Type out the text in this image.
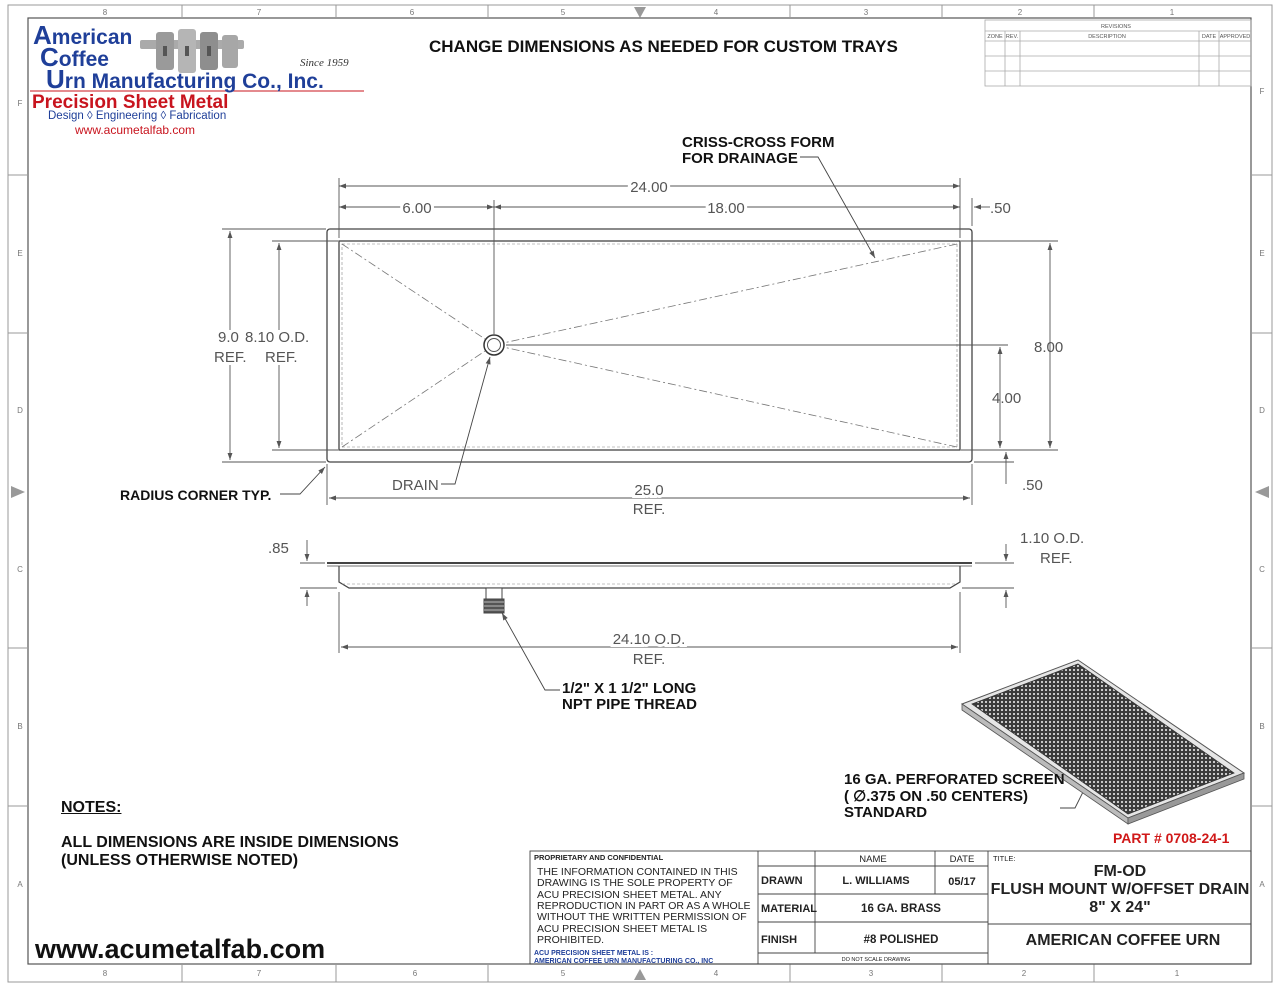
8	7	6	5	4	3	2	1
8	7	6	5	4	3	2	1
F
E
D
C
B
A
F
E
D
C
B
A
REVISIONS
ZONE REV.	DESCRIPTION	DATE APPROVED
24.00
6.00	18.00	.50
9.0
REF.
8.10 O.D.
REF.
8.00
4.00
.50
25.0
REF.
.85
1.10 O.D.
REF.
24.10 O.D.
REF.
DRAIN
CRISS-CROSS FORM
FOR DRAINAGE
RADIUS CORNER TYP.
1/2" X 1 1/2" LONG
NPT PIPE THREAD
16 GA. PERFORATED SCREEN
( ∅.375 ON .50 CENTERS)
STANDARD
PROPRIETARY AND CONFIDENTIAL
THE INFORMATION CONTAINED IN THIS
DRAWING IS THE SOLE PROPERTY OF
ACU PRECISION SHEET METAL. ANY
REPRODUCTION IN PART OR AS A WHOLE
WITHOUT THE WRITTEN PERMISSION OF
ACU PRECISION SHEET METAL IS
PROHIBITED.
ACU PRECISION SHEET METAL IS :
AMERICAN COFFEE URN MANUFACTURING CO., INC
NAME	DATE TITLE:
DRAWN	L. WILLIAMS	05/17
MATERIAL	16 GA. BRASS
FINISH	#8 POLISHED
DO NOT SCALE DRAWING
FM-OD
FLUSH MOUNT W/OFFSET DRAIN
8" X 24"
AMERICAN COFFEE URN
American
Coffee
Urn Manufacturing Co., Inc.
Since 1959
Precision Sheet Metal
Design ◊ Engineering ◊ Fabrication
www.acumetalfab.com
CHANGE DIMENSIONS AS NEEDED FOR CUSTOM TRAYS
NOTES:
ALL DIMENSIONS ARE INSIDE DIMENSIONS
(UNLESS OTHERWISE NOTED)
www.acumetalfab.com
PART # 0708-24-1
